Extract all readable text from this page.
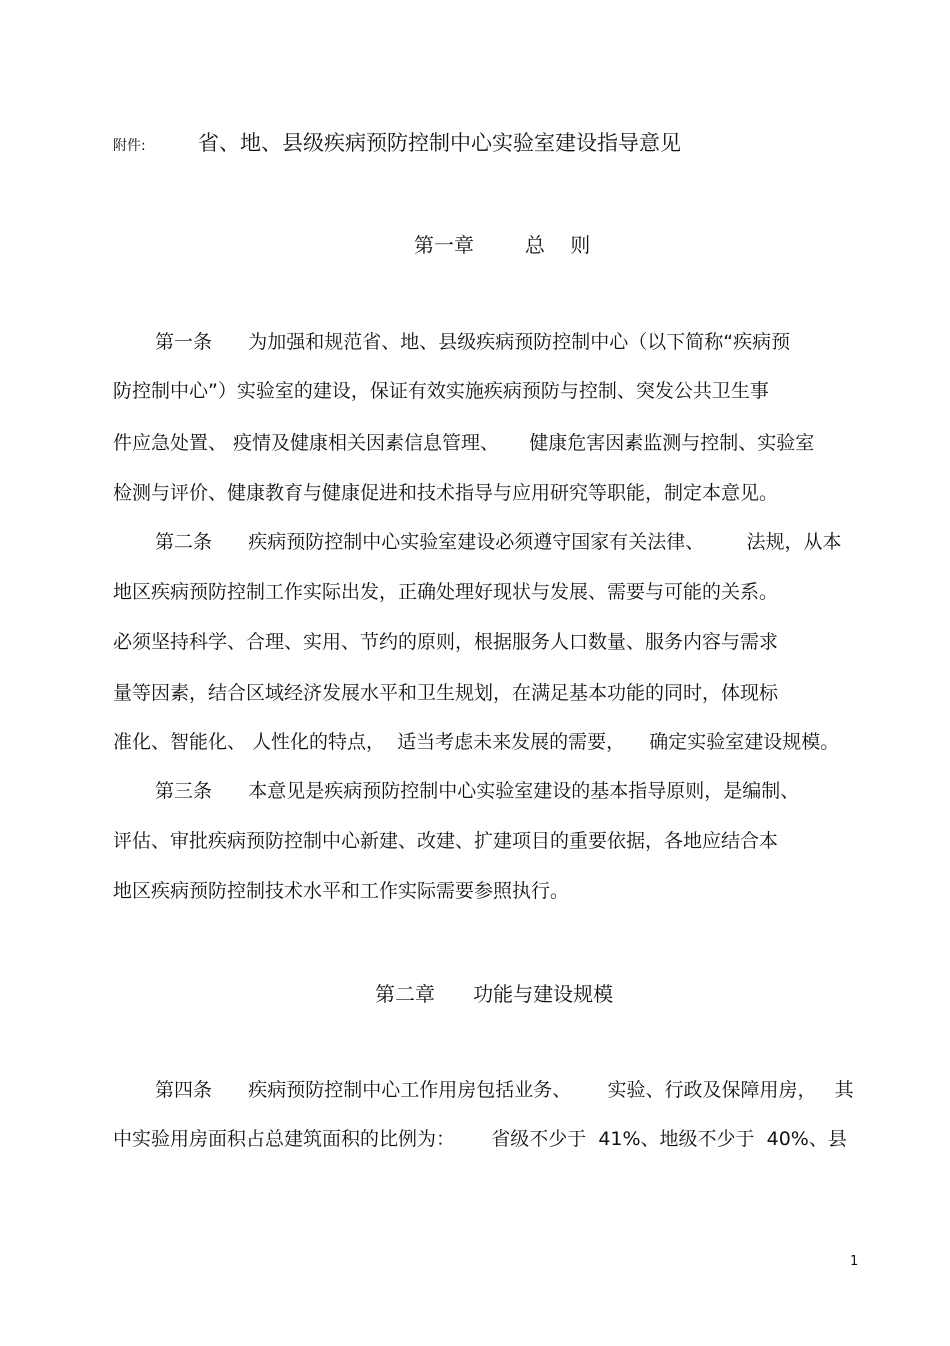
附件: 省、地、县级疾病预防控制中心实验室建设指导意见
第一章        总    则
第一条      为加强和规范省、地、县级疾病预防控制中心（以下简称“疾病预
防控制中心”）实验室的建设，保证有效实施疾病预防与控制、突发公共卫生事
件应急处置、 疫情及健康相关因素信息管理、     健康危害因素监测与控制、实验室
检测与评价、健康教育与健康促进和技术指导与应用研究等职能，制定本意见。
第二条      疾病预防控制中心实验室建设必须遵守国家有关法律、       法规，从本
地区疾病预防控制工作实际出发，正确处理好现状与发展、需要与可能的关系。
必须坚持科学、合理、实用、节约的原则，根据服务人口数量、服务内容与需求
量等因素，结合区域经济发展水平和卫生规划，在满足基本功能的同时，体现标
准化、智能化、 人性化的特点，  适当考虑未来发展的需要，    确定实验室建设规模。
第三条      本意见是疾病预防控制中心实验室建设的基本指导原则，是编制、
评估、审批疾病预防控制中心新建、改建、扩建项目的重要依据，各地应结合本
地区疾病预防控制技术水平和工作实际需要参照执行。
第二章      功能与建设规模
第四条      疾病预防控制中心工作用房包括业务、      实验、行政及保障用房，   其
中实验用房面积占总建筑面积的比例为：      省级不少于  41%、地级不少于  40%、县
1
